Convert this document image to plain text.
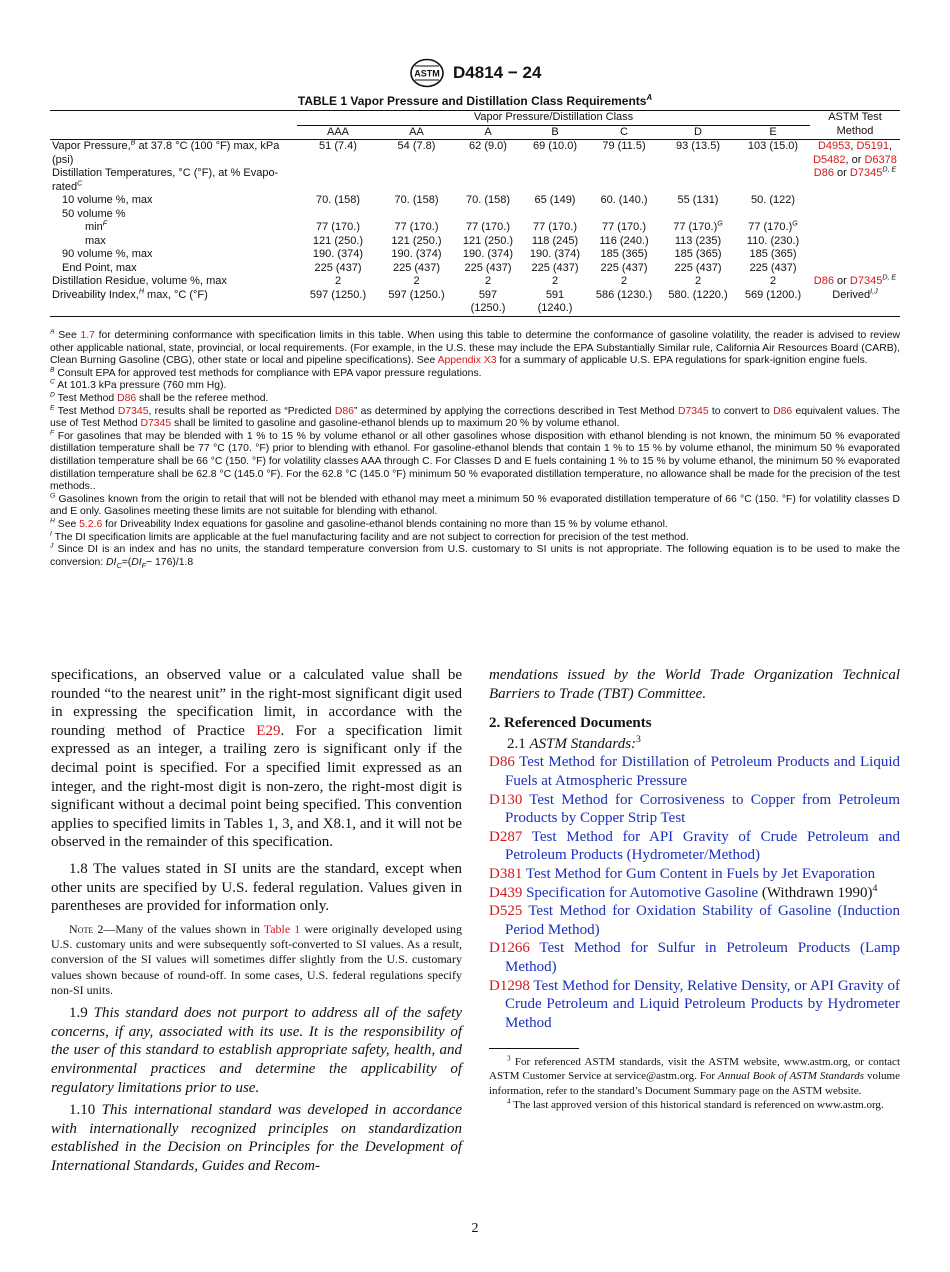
ASTM D4814 − 24
TABLE 1 Vapor Pressure and Distillation Class Requirements$^A$
	Vapor Pressure/Distillation Class							ASTM Test
	AAA	AA	A	B	C	D	E	Method
Vapor Pressure,$^B$ at 37.8 °C (100 °F) max, kPa
(psi)	51 (7.4)	54 (7.8)	62 (9.0)	69 (10.0)	79 (11.5)	93 (13.5)	103 (15.0)	D4953, D5191,
D5482, or D6378
Distillation Temperatures, °C (°F), at % Evapo-
rated$^C$								D86 or $D7345^{D, E}$
10 volume %, max	70. (158)	70. (158)	70. (158)	65 (149)	60. (140.)	55 (131)	50. (122)	
50 volume %								
$\min^F$	77 (170.)	77 (170.)	77 (170.)	77 (170.)	77 (170.)	77 $(170.)^G$	77 $(170.)^G$	
max	121 (250.)	121 (250.)	121 (250.)	118 (245)	116 (240.)	113 (235)	110. (230.)	
90 volume %, max	190. (374)	190. (374)	190. (374)	190. (374)	185 (365)	185 (365)	185 (365)	
End Point, max	225 (437)	225 (437)	225 (437)	225 (437)	225 (437)	225 (437)	225 (437)	
Distillation Residue, volume %, max	2	2	2	2	2	2	2	D86 or $D7345^{D, E}$
Driveability Index,$^H$ max, °C (°F)	597 (1250.)	597 (1250.)	597
(1250.)	591
(1240.)	586 (1230.)	580. (1220.)	569 (1200.)	Derived$^{I,J}$

$^A$ See 1.7 for determining conformance with specification limits in this table. When using this table to determine the conformance of gasoline volatility, the reader is advised to review other applicable national, state, provincial, or local requirements. (For example, in the U.S. these may include the EPA Substantially Similar rule, California Air Resources Board (CARB), Clean Burning Gasoline (CBG), other state or local and pipeline specifications). See Appendix X3 for a summary of applicable U.S. EPA regulations for spark-ignition engine fuels.

$^B$ Consult EPA for approved test methods for compliance with EPA vapor pressure regulations.

$^C$ At 101.3 kPa pressure (760 mm Hg).

$^D$ Test Method D86 shall be the referee method.

$^E$ Test Method D7345, results shall be reported as “Predicted D86” as determined by applying the corrections described in Test Method D7345 to convert to D86 equivalent values. The use of Test Method D7345 shall be limited to gasoline and gasoline-ethanol blends up to maximum 20 % by volume ethanol.

$^F$ For gasolines that may be blended with 1 % to 15 % by volume ethanol or all other gasolines whose disposition with ethanol blending is not known, the minimum 50 % evaporated distillation temperature shall be 77 °C (170. °F) prior to blending with ethanol. For gasoline-ethanol blends that contain 1 % to 15 % by volume ethanol, the minimum 50 % evaporated distillation temperature shall be 66 °C (150. °F) for volatility classes AAA through C. For Classes D and E fuels containing 1 % to 15 % by volume ethanol, the minimum 50 % evaporated distillation temperature shall be 62.8 °C (145.0 °F). For the 62.8 °C (145.0 °F) minimum 50 % evaporated distillation temperature, no allowance shall be made for the precision of the test methods..

$^G$ Gasolines known from the origin to retail that will not be blended with ethanol may meet a minimum 50 % evaporated distillation temperature of 66 °C (150. °F) for volatility classes D and E only. Gasolines meeting these limits are not suitable for blending with ethanol.

$^H$ See 5.2.6 for Driveability Index equations for gasoline and gasoline-ethanol blends containing no more than 15 % by volume ethanol.

$^I$ The DI specification limits are applicable at the fuel manufacturing facility and are not subject to correction for precision of the test method.

$^J$ Since DI is an index and has no units, the standard temperature conversion from U.S. customary to SI units is not appropriate. The following equation is to be used to make the conversion: $DI_C=(DI_F- 176)/1.8$

specifications, an observed value or a calculated value shall be rounded “to the nearest unit” in the right-most significant digit used in expressing the specification limit, in accordance with the rounding method of Practice E29. For a specification limit expressed as an integer, a trailing zero is significant only if the decimal point is specified. For a specified limit expressed as an integer, and the right-most digit is non-zero, the right-most digit is significant without a decimal point being specified. This convention applies to specified limits in Tables 1, 3, and X8.1, and it will not be observed in the remainder of this specification.

1.8 The values stated in SI units are the standard, except when other units are specified by U.S. federal regulation. Values given in parentheses are provided for information only.

Note 2—Many of the values shown in Table 1 were originally developed using U.S. customary units and were subsequently soft-converted to SI values. As a result, conversion of the SI values will sometimes differ slightly from the U.S. customary values shown because of round-off. In some cases, U.S. federal regulations specify non-SI units.

1.9 This standard does not purport to address all of the safety concerns, if any, associated with its use. It is the responsibility of the user of this standard to establish appropriate safety, health, and environmental practices and determine the applicability of regulatory limitations prior to use.

1.10 This international standard was developed in accordance with internationally recognized principles on standardization established in the Decision on Principles for the Development of International Standards, Guides and Recom-

mendations issued by the World Trade Organization Technical Barriers to Trade (TBT) Committee.

2. Referenced Documents

2.1 ASTM Standards:$^3$

D86 Test Method for Distillation of Petroleum Products and Liquid Fuels at Atmospheric Pressure

D130 Test Method for Corrosiveness to Copper from Petroleum Products by Copper Strip Test

D287 Test Method for API Gravity of Crude Petroleum and Petroleum Products (Hydrometer/Method)

D381 Test Method for Gum Content in Fuels by Jet Evaporation

D439 Specification for Automotive Gasoline (Withdrawn 1990)$^4$

D525 Test Method for Oxidation Stability of Gasoline (Induction Period Method)

D1266 Test Method for Sulfur in Petroleum Products (Lamp Method)

D1298 Test Method for Density, Relative Density, or API Gravity of Crude Petroleum and Liquid Petroleum Products by Hydrometer Method

$^3$ For referenced ASTM standards, visit the ASTM website, www.astm.org, or contact ASTM Customer Service at service@astm.org. For Annual Book of ASTM Standards volume information, refer to the standard’s Document Summary page on the ASTM website.

$^4$ The last approved version of this historical standard is referenced on www.astm.org.

2
